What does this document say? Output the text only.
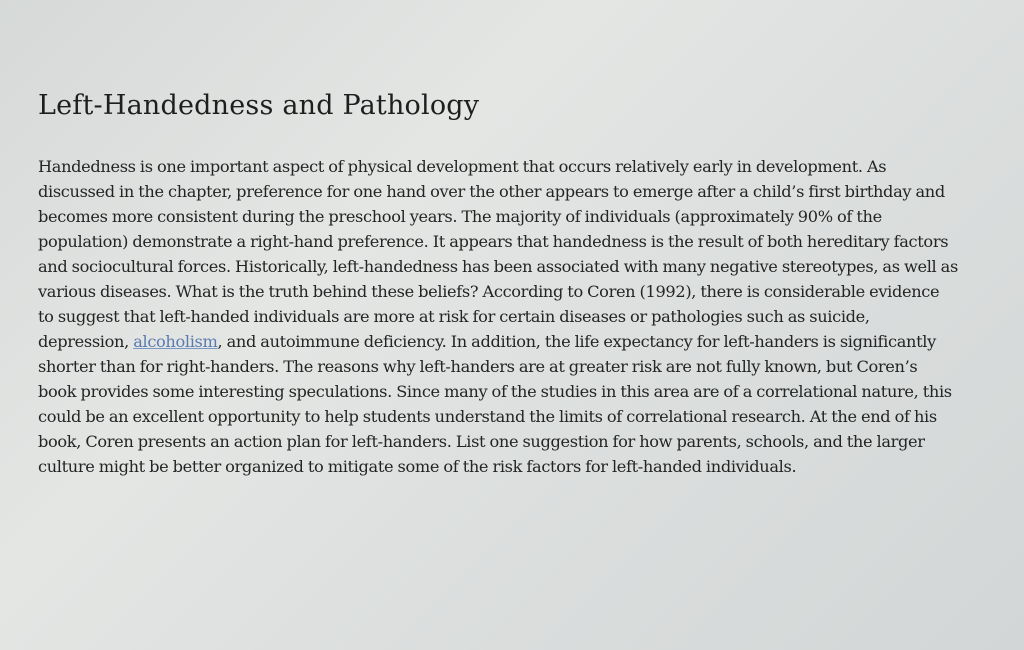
Left-Handedness and Pathology

Handedness is one important aspect of physical development that occurs relatively early in development. As discussed in the chapter, preference for one hand over the other appears to emerge after a child’s first birthday and becomes more consistent during the preschool years. The majority of individuals (approximately 90% of the population) demonstrate a right-hand preference. It appears that handedness is the result of both hereditary factors and sociocultural forces. Historically, left-handedness has been associated with many negative stereotypes, as well as various diseases. What is the truth behind these beliefs? According to Coren (1992), there is considerable evidence to suggest that left-handed individuals are more at risk for certain diseases or pathologies such as suicide, depression, alcoholism, and autoimmune deficiency. In addition, the life expectancy for left-handers is significantly shorter than for right-handers. The reasons why left-handers are at greater risk are not fully known, but Coren’s book provides some interesting speculations. Since many of the studies in this area are of a correlational nature, this could be an excellent opportunity to help students understand the limits of correlational research. At the end of his book, Coren presents an action plan for left-handers. List one suggestion for how parents, schools, and the larger culture might be better organized to mitigate some of the risk factors for left-handed individuals.
